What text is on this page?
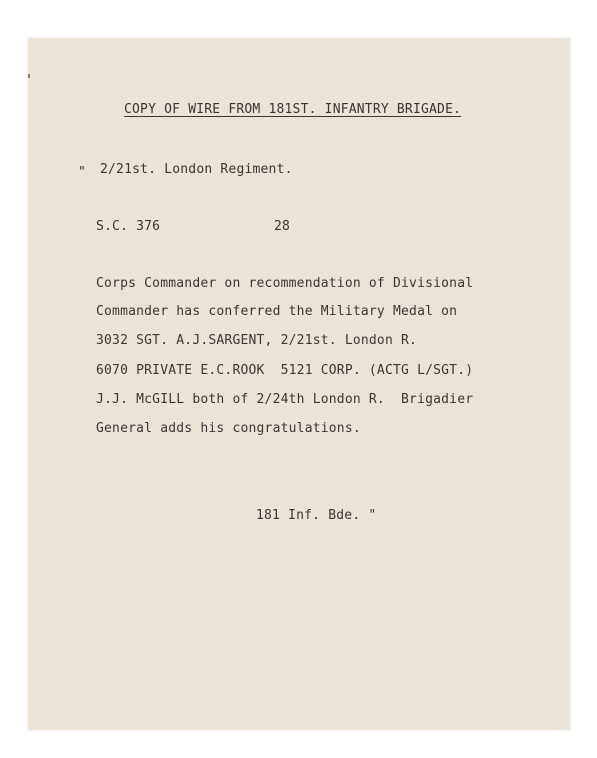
COPY OF WIRE FROM 181ST. INFANTRY BRIGADE.
" 2/21st. London Regiment.
S.C. 376	28
Corps Commander on recommendation of Divisional
Commander has conferred the Military Medal on
3032 SGT. A.J.SARGENT, 2/21st. London R.
6070 PRIVATE E.C.ROOK  5121 CORP. (ACTG L/SGT.)
J.J. McGILL both of 2/24th London R.  Brigadier
General adds his congratulations.
181 Inf. Bde. "
